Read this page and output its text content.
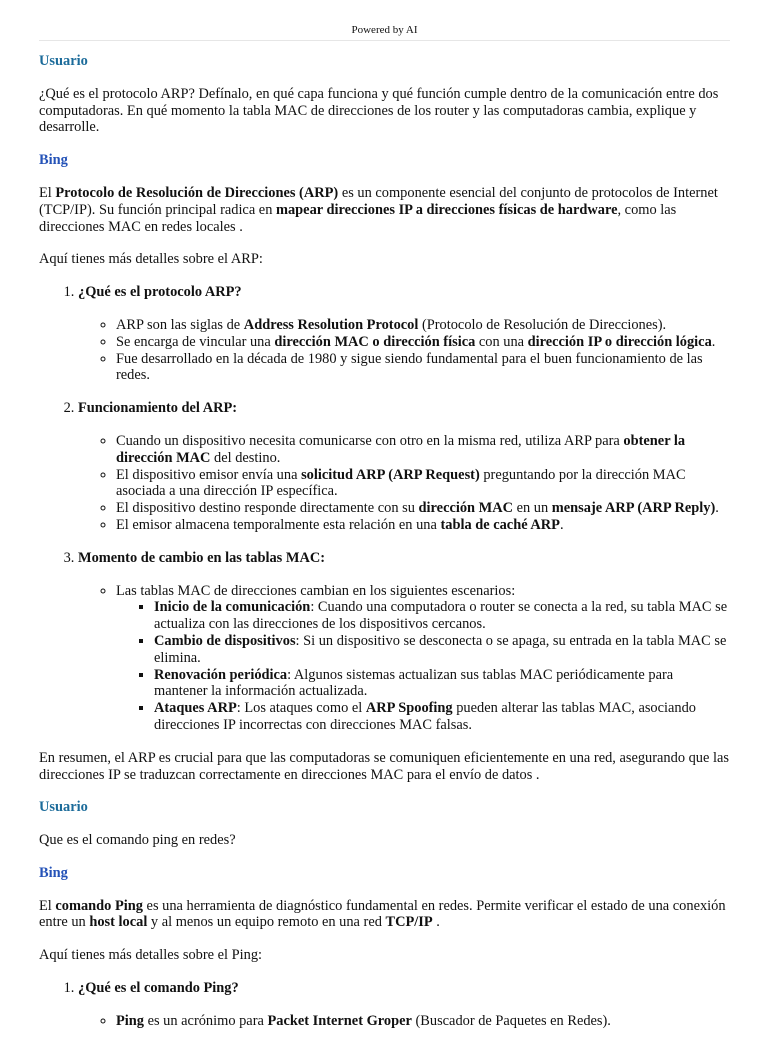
Powered by AI
Usuario

¿Qué es el protocolo ARP? Defínalo, en qué capa funciona y qué función cumple dentro de la comunicación entre dos computadoras. En qué momento la tabla MAC de direcciones de los router y las computadoras cambia, explique y desarrolle.

Bing

El Protocolo de Resolución de Direcciones (ARP) es un componente esencial del conjunto de protocolos de Internet (TCP/IP). Su función principal radica en mapear direcciones IP a direcciones físicas de hardware, como las direcciones MAC en redes locales .

Aquí tienes más detalles sobre el ARP:

1. ¿Qué es el protocolo ARP?
◦ ARP son las siglas de Address Resolution Protocol (Protocolo de Resolución de Direcciones).
◦ Se encarga de vincular una dirección MAC o dirección física con una dirección IP o dirección lógica.
◦ Fue desarrollado en la década de 1980 y sigue siendo fundamental para el buen funcionamiento de las redes.
2. Funcionamiento del ARP:
◦ Cuando un dispositivo necesita comunicarse con otro en la misma red, utiliza ARP para obtener la dirección MAC del destino.
◦ El dispositivo emisor envía una solicitud ARP (ARP Request) preguntando por la dirección MAC asociada a una dirección IP específica.
◦ El dispositivo destino responde directamente con su dirección MAC en un mensaje ARP (ARP Reply).
◦ El emisor almacena temporalmente esta relación en una tabla de caché ARP.
3. Momento de cambio en las tablas MAC:
◦ Las tablas MAC de direcciones cambian en los siguientes escenarios:
▪ Inicio de la comunicación: Cuando una computadora o router se conecta a la red, su tabla MAC se actualiza con las direcciones de los dispositivos cercanos.
▪ Cambio de dispositivos: Si un dispositivo se desconecta o se apaga, su entrada en la tabla MAC se elimina.
▪ Renovación periódica: Algunos sistemas actualizan sus tablas MAC periódicamente para mantener la información actualizada.
▪ Ataques ARP: Los ataques como el ARP Spoofing pueden alterar las tablas MAC, asociando direcciones IP incorrectas con direcciones MAC falsas.

En resumen, el ARP es crucial para que las computadoras se comuniquen eficientemente en una red, asegurando que las direcciones IP se traduzcan correctamente en direcciones MAC para el envío de datos .

Usuario

Que es el comando ping en redes?

Bing

El comando Ping es una herramienta de diagnóstico fundamental en redes. Permite verificar el estado de una conexión entre un host local y al menos un equipo remoto en una red TCP/IP .

Aquí tienes más detalles sobre el Ping:

1. ¿Qué es el comando Ping?
◦ Ping es un acrónimo para Packet Internet Groper (Buscador de Paquetes en Redes).
